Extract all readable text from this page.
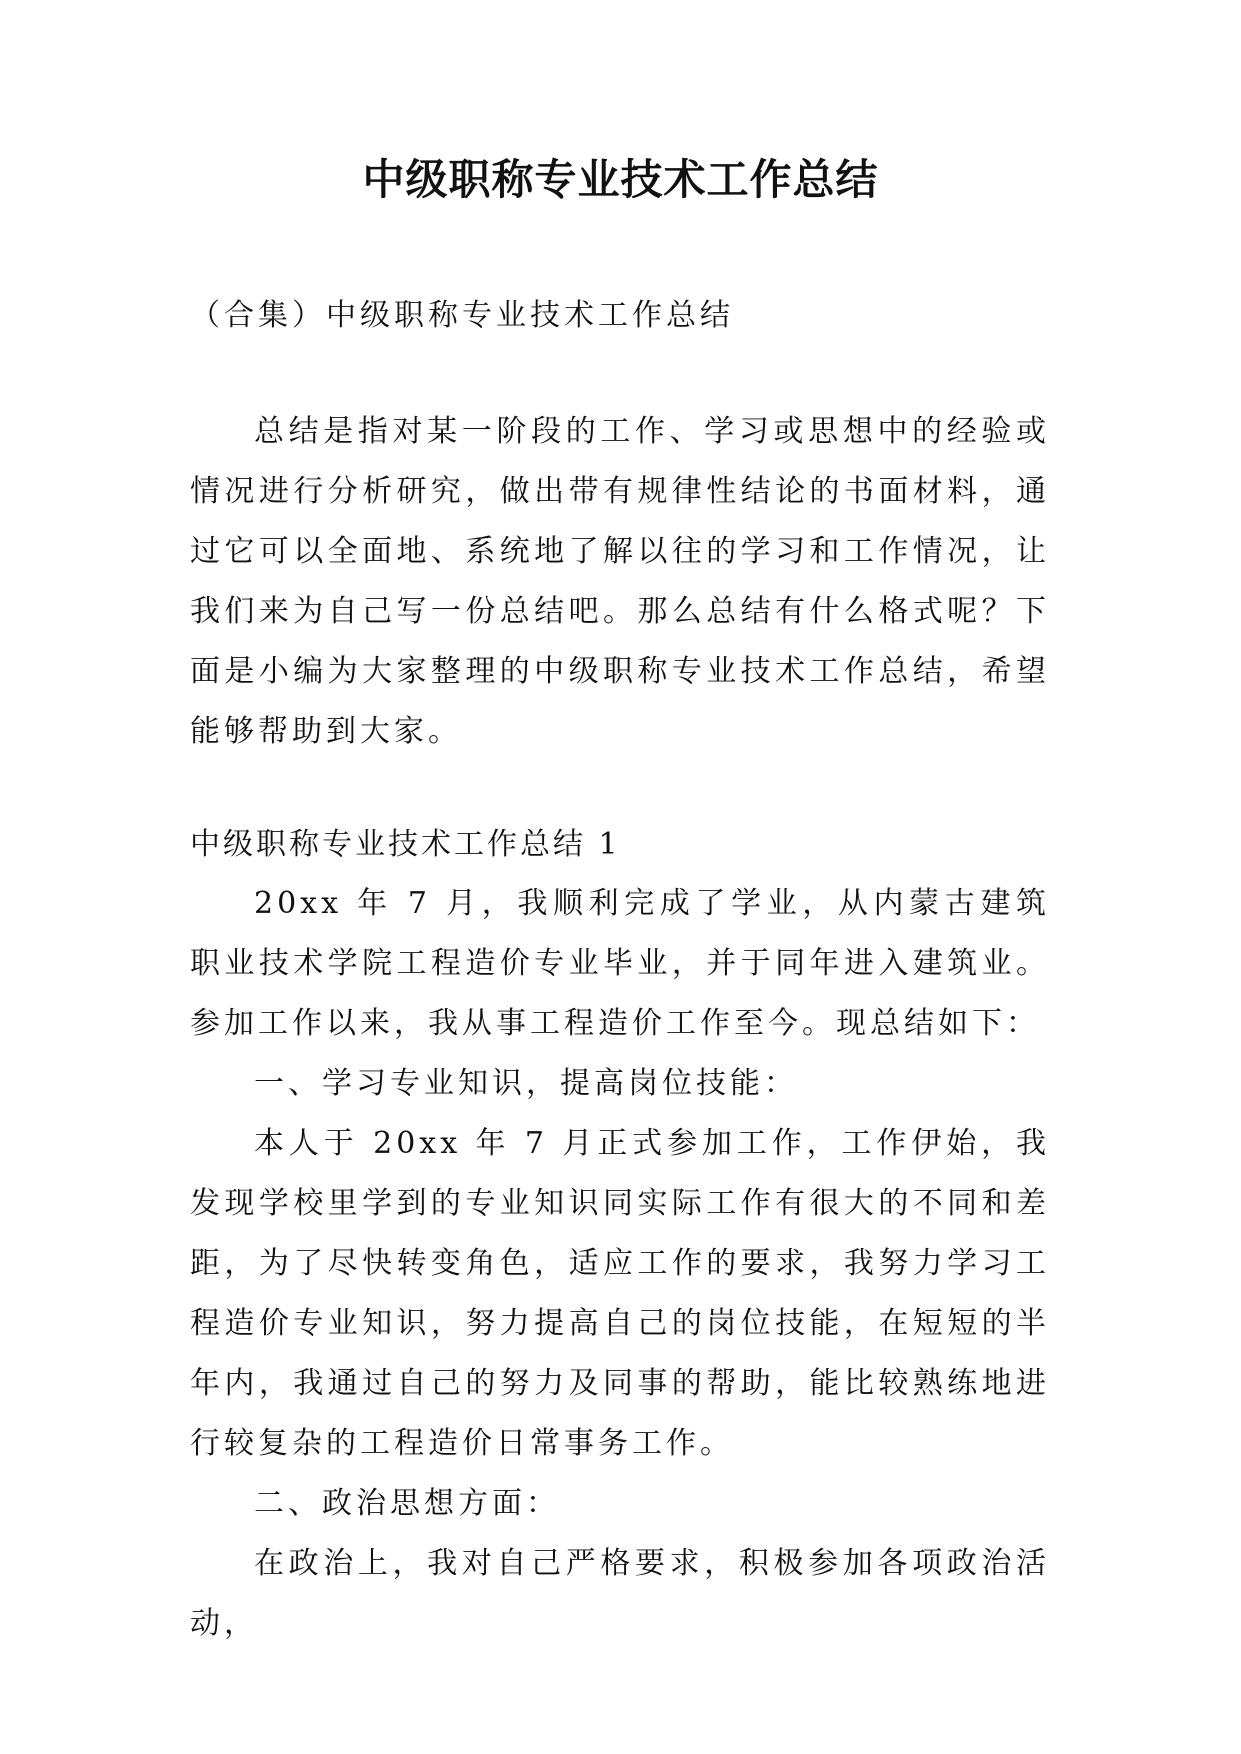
中级职称专业技术工作总结
（合集）中级职称专业技术工作总结

总结是指对某一阶段的工作、学习或思想中的经验或情况进行分析研究，做出带有规律性结论的书面材料，通过它可以全面地、系统地了解以往的学习和工作情况，让我们来为自己写一份总结吧。那么总结有什么格式呢？下面是小编为大家整理的中级职称专业技术工作总结，希望能够帮助到大家。

中级职称专业技术工作总结 1

20xx 年 7 月，我顺利完成了学业，从内蒙古建筑职业技术学院工程造价专业毕业，并于同年进入建筑业。参加工作以来，我从事工程造价工作至今。现总结如下：

一、学习专业知识，提高岗位技能：

本人于 20xx 年 7 月正式参加工作，工作伊始，我发现学校里学到的专业知识同实际工作有很大的不同和差距，为了尽快转变角色，适应工作的要求，我努力学习工程造价专业知识，努力提高自己的岗位技能，在短短的半年内，我通过自己的努力及同事的帮助，能比较熟练地进行较复杂的工程造价日常事务工作。

二、政治思想方面：

在政治上，我对自己严格要求，积极参加各项政治活动，
